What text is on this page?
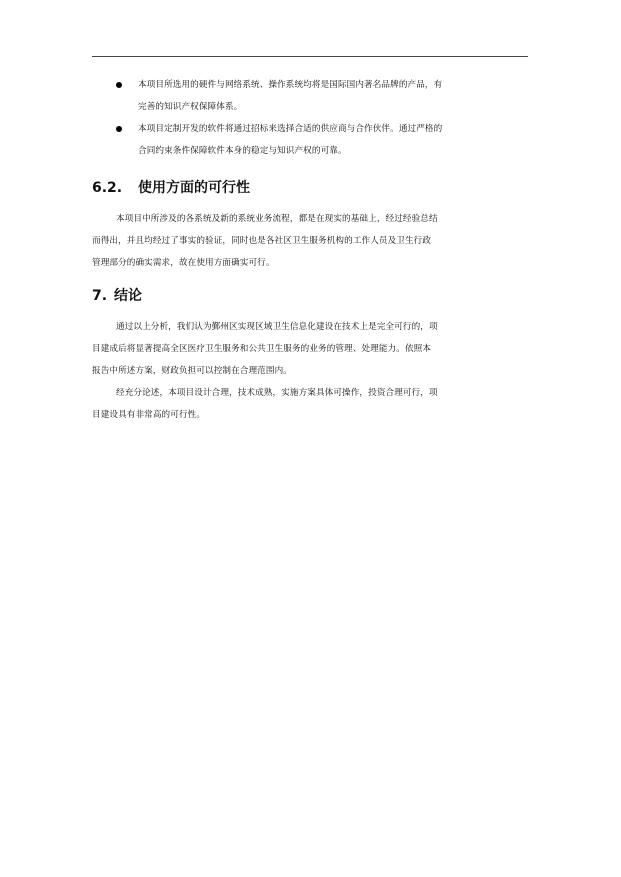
本项目所选用的硬件与网络系统、操作系统均将是国际国内著名品牌的产品，有
完善的知识产权保障体系。
本项目定制开发的软件将通过招标来选择合适的供应商与合作伙伴。通过严格的
合同约束条件保障软件本身的稳定与知识产权的可靠。
6.2. 使用方面的可行性
本项目中所涉及的各系统及新的系统业务流程，都是在现实的基础上，经过经验总结
而得出，并且均经过了事实的验证，同时也是各社区卫生服务机构的工作人员及卫生行政
管理部分的确实需求，故在使用方面确实可行。
7. 结论
通过以上分析，我们认为鄞州区实现区域卫生信息化建设在技术上是完全可行的，项
目建成后将显著提高全区医疗卫生服务和公共卫生服务的业务的管理、处理能力。依照本
报告中所述方案，财政负担可以控制在合理范围内。
经充分论述，本项目设计合理，技术成熟，实施方案具体可操作，投资合理可行，项
目建设具有非常高的可行性。
